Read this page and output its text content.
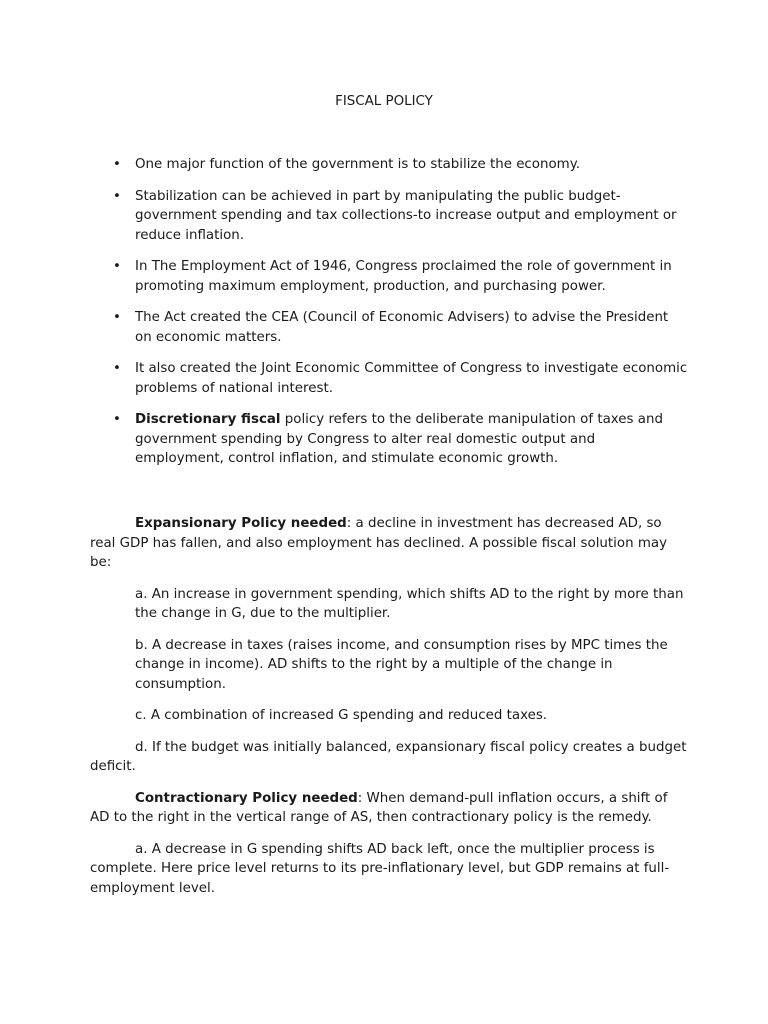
FISCAL POLICY
• One major function of the government is to stabilize the economy.
• Stabilization can be achieved in part by manipulating the public budget-government spending and tax collections-to increase output and employment or reduce inflation.
• In The Employment Act of 1946, Congress proclaimed the role of government in promoting maximum employment, production, and purchasing power.
• The Act created the CEA (Council of Economic Advisers) to advise the President on economic matters.
• It also created the Joint Economic Committee of Congress to investigate economic problems of national interest.
• Discretionary fiscal policy refers to the deliberate manipulation of taxes and government spending by Congress to alter real domestic output and employment, control inflation, and stimulate economic growth.

Expansionary Policy needed: a decline in investment has decreased AD, so real GDP has fallen, and also employment has declined. A possible fiscal solution may be:

a. An increase in government spending, which shifts AD to the right by more than the change in G, due to the multiplier.

b. A decrease in taxes (raises income, and consumption rises by MPC times the change in income). AD shifts to the right by a multiple of the change in consumption.

c. A combination of increased G spending and reduced taxes.

d. If the budget was initially balanced, expansionary fiscal policy creates a budget deficit.

Contractionary Policy needed: When demand-pull inflation occurs, a shift of AD to the right in the vertical range of AS, then contractionary policy is the remedy.

a. A decrease in G spending shifts AD back left, once the multiplier process is complete. Here price level returns to its pre-inflationary level, but GDP remains at full-employment level.
